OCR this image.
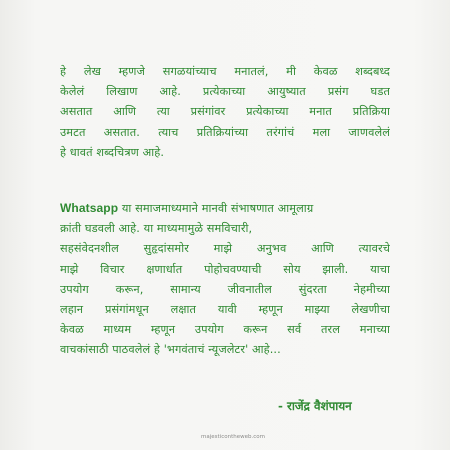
हे लेख म्हणजे सगळयांच्याच मनातलं, मी केवळ शब्दबध्द
केलेलं लिखाण आहे. प्रत्येकाच्या आयुष्यात प्रसंग घडत
असतात आणि त्या प्रसंगांवर प्रत्येकाच्या मनात प्रतिक्रिया
उमटत असतात. त्याच प्रतिक्रियांच्या तरंगांचं मला जाणवलेलं
हे धावतं शब्दचित्रण आहे.
Whatsapp या समाजमाध्यमाने मानवी संभाषणात आमूलाग्र
क्रांती घडवली आहे. या माध्यमामुळे समविचारी,
सहसंवेदनशील सुहृदांसमोर माझे अनुभव आणि त्यावरचे
माझे विचार क्षणार्धात पोहोचवण्याची सोय झाली. याचा
उपयोग करून, सामान्य जीवनातील सुंदरता नेहमीच्या
लहान प्रसंगांमधून लक्षात यावी म्हणून माझ्या लेखणीचा
केवळ माध्यम म्हणून उपयोग करून सर्व तरल मनाच्या
वाचकांसाठी पाठवलेलं हे 'भगवंताचं न्यूजलेटर' आहे...
- राजेंद्र वैशंपायन
majesticontheweb.com
